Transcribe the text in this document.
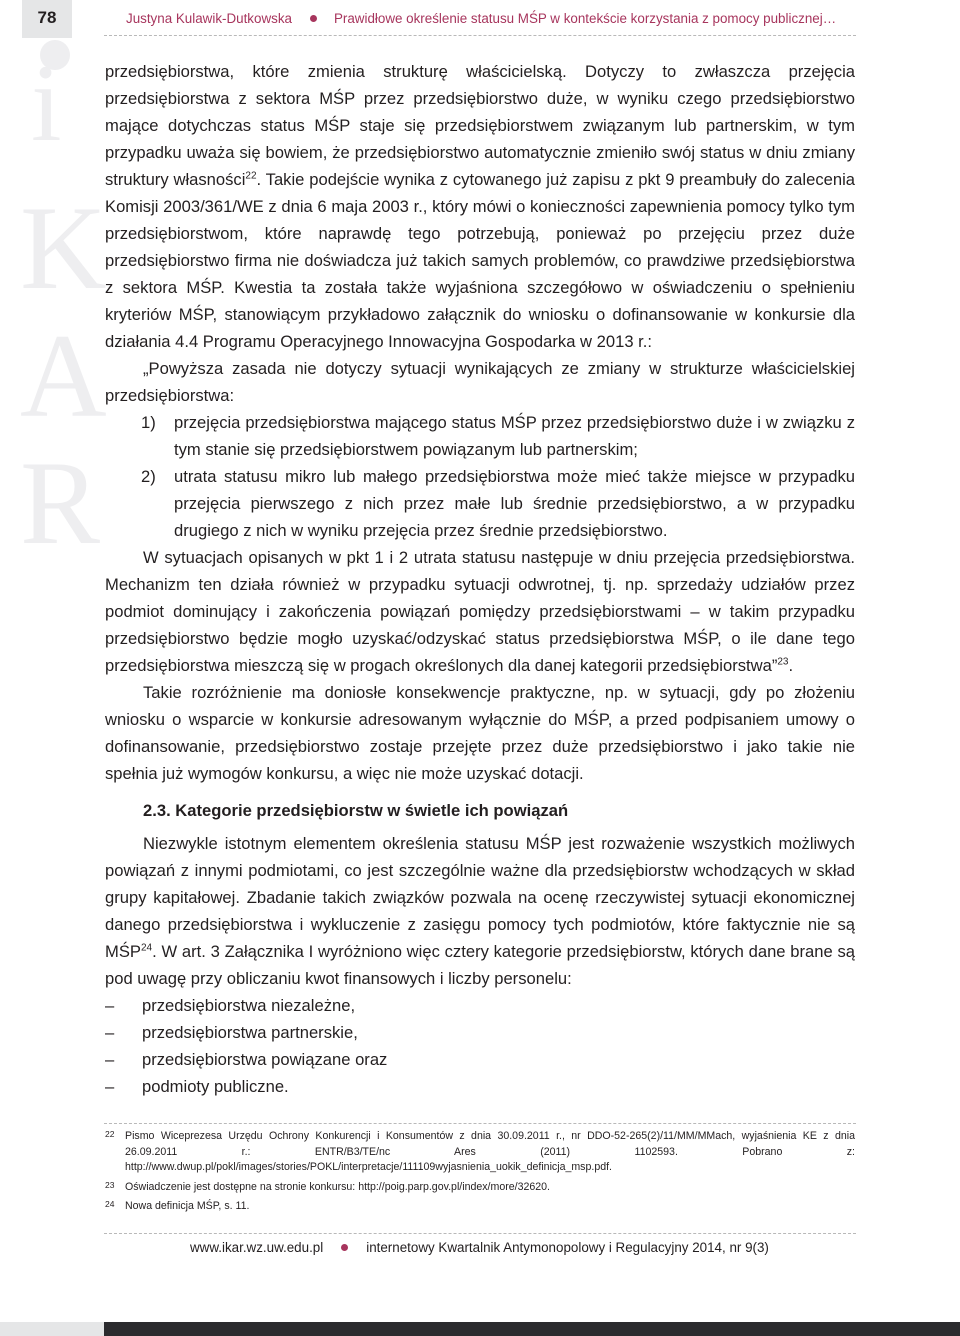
78	Justyna Kulawik-Dutkowska	Prawidłowe określenie statusu MŚP w kontekście korzystania z pomocy publicznej…
i
K
A
R

przedsiębiorstwa, które zmienia strukturę właścicielską. Dotyczy to zwłaszcza przejęcia przedsiębiorstwa z sektora MŚP przez przedsiębiorstwo duże, w wyniku czego przedsiębiorstwo mające dotychczas status MŚP staje się przedsiębiorstwem związanym lub partnerskim, w tym przypadku uważa się bowiem, że przedsiębiorstwo automatycznie zmieniło swój status w dniu zmiany struktury własności$^{22}$. Takie podejście wynika z cytowanego już zapisu z pkt 9 preambuły do zalecenia Komisji 2003/361/WE z dnia 6 maja 2003 r., który mówi o konieczności zapewnienia pomocy tylko tym przedsiębiorstwom, które naprawdę tego potrzebują, ponieważ po przejęciu przez duże przedsiębiorstwo firma nie doświadcza już takich samych problemów, co prawdziwe przedsiębiorstwa z sektora MŚP. Kwestia ta została także wyjaśniona szczegółowo w oświadczeniu o spełnieniu kryteriów MŚP, stanowiącym przykładowo załącznik do wniosku o dofinansowanie w konkursie dla działania 4.4 Programu Operacyjnego Innowacyjna Gospodarka w 2013 r.:

„Powyższa zasada nie dotyczy sytuacji wynikających ze zmiany w strukturze właścicielskiej przedsiębiorstwa:

1) przejęcia przedsiębiorstwa mającego status MŚP przez przedsiębiorstwo duże i w związku z tym stanie się przedsiębiorstwem powiązanym lub partnerskim;
2) utrata statusu mikro lub małego przedsiębiorstwa może mieć także miejsce w przypadku przejęcia pierwszego z nich przez małe lub średnie przedsiębiorstwo, a w przypadku drugiego z nich w wyniku przejęcia przez średnie przedsiębiorstwo.

W sytuacjach opisanych w pkt 1 i 2 utrata statusu następuje w dniu przejęcia przedsiębiorstwa. Mechanizm ten działa również w przypadku sytuacji odwrotnej, tj. np. sprzedaży udziałów przez podmiot dominujący i zakończenia powiązań pomiędzy przedsiębiorstwami – w takim przypadku przedsiębiorstwo będzie mogło uzyskać/odzyskać status przedsiębiorstwa MŚP, o ile dane tego przedsiębiorstwa mieszczą się w progach określonych dla danej kategorii przedsiębiorstwa”$^{23}$.

Takie rozróżnienie ma doniosłe konsekwencje praktyczne, np. w sytuacji, gdy po złożeniu wniosku o wsparcie w konkursie adresowanym wyłącznie do MŚP, a przed podpisaniem umowy o dofinansowanie, przedsiębiorstwo zostaje przejęte przez duże przedsiębiorstwo i jako takie nie spełnia już wymogów konkursu, a więc nie może uzyskać dotacji.

2.3. Kategorie przedsiębiorstw w świetle ich powiązań

Niezwykle istotnym elementem określenia statusu MŚP jest rozważenie wszystkich możliwych powiązań z innymi podmiotami, co jest szczególnie ważne dla przedsiębiorstw wchodzących w skład grupy kapitałowej. Zbadanie takich związków pozwala na ocenę rzeczywistej sytuacji ekonomicznej danego przedsiębiorstwa i wykluczenie z zasięgu pomocy tych podmiotów, które faktycznie nie są MŚP$^{24}$. W art. 3 Załącznika I wyróżniono więc cztery kategorie przedsiębiorstw, których dane brane są pod uwagę przy obliczaniu kwot finansowych i liczby personelu:

– przedsiębiorstwa niezależne,
– przedsiębiorstwa partnerskie,
– przedsiębiorstwa powiązane oraz
– podmioty publiczne.
22 Pismo Wiceprezesa Urzędu Ochrony Konkurencji i Konsumentów z dnia 30.09.2011 r., nr DDO-52-265(2)/11/MM/MMach, wyjaśnienia KE z dnia 26.09.2011 r.: ENTR/B3/TE/nc Ares (2011) 1102593. Pobrano z: http://www.dwup.pl/pokl/images/stories/POKL/interpretacje/111109wyjasnienia_uokik_definicja_msp.pdf.
23 Oświadczenie jest dostępne na stronie konkursu: http://poig.parp.gov.pl/index/more/32620.
24 Nowa definicja MŚP, s. 11.
www.ikar.wz.uw.edu.pl	internetowy Kwartalnik Antymonopolowy i Regulacyjny 2014, nr 9(3)
